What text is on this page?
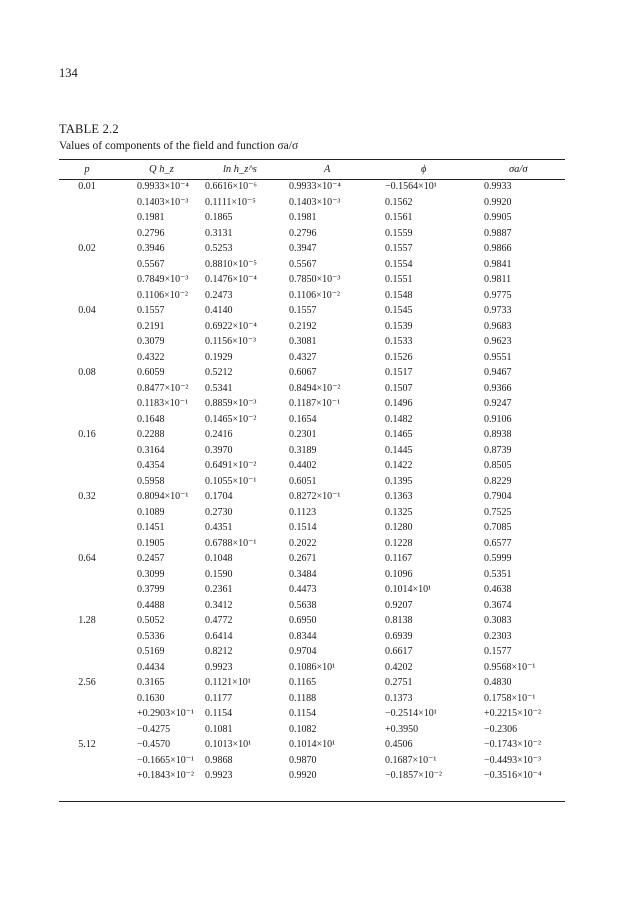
134
TABLE 2.2
Values of components of the field and function σa/σ
p	Q h_z	ln h_z^s	A	ϕ	σa/σ
0.01	0.9933×10⁻⁴	0.6616×10⁻⁶	0.9933×10⁻⁴	−0.1564×10¹	0.9933
	0.1403×10⁻³	0.1111×10⁻⁵	0.1403×10⁻³	0.1562	0.9920
	0.1981	0.1865	0.1981	0.1561	0.9905
	0.2796	0.3131	0.2796	0.1559	0.9887
0.02	0.3946	0.5253	0.3947	0.1557	0.9866
	0.5567	0.8810×10⁻⁵	0.5567	0.1554	0.9841
	0.7849×10⁻³	0.1476×10⁻⁴	0.7850×10⁻³	0.1551	0.9811
	0.1106×10⁻²	0.2473	0.1106×10⁻²	0.1548	0.9775
0.04	0.1557	0.4140	0.1557	0.1545	0.9733
	0.2191	0.6922×10⁻⁴	0.2192	0.1539	0.9683
	0.3079	0.1156×10⁻³	0.3081	0.1533	0.9623
	0.4322	0.1929	0.4327	0.1526	0.9551
0.08	0.6059	0.5212	0.6067	0.1517	0.9467
	0.8477×10⁻²	0.5341	0.8494×10⁻²	0.1507	0.9366
	0.1183×10⁻¹	0.8859×10⁻³	0.1187×10⁻¹	0.1496	0.9247
	0.1648	0.1465×10⁻²	0.1654	0.1482	0.9106
0.16	0.2288	0.2416	0.2301	0.1465	0.8938
	0.3164	0.3970	0.3189	0.1445	0.8739
	0.4354	0.6491×10⁻²	0.4402	0.1422	0.8505
	0.5958	0.1055×10⁻¹	0.6051	0.1395	0.8229
0.32	0.8094×10⁻¹	0.1704	0.8272×10⁻¹	0.1363	0.7904
	0.1089	0.2730	0.1123	0.1325	0.7525
	0.1451	0.4351	0.1514	0.1280	0.7085
	0.1905	0.6788×10⁻¹	0.2022	0.1228	0.6577
0.64	0.2457	0.1048	0.2671	0.1167	0.5999
	0.3099	0.1590	0.3484	0.1096	0.5351
	0.3799	0.2361	0.4473	0.1014×10¹	0.4638
	0.4488	0.3412	0.5638	0.9207	0.3674
1.28	0.5052	0.4772	0.6950	0.8138	0.3083
	0.5336	0.6414	0.8344	0.6939	0.2303
	0.5169	0.8212	0.9704	0.6617	0.1577
	0.4434	0.9923	0.1086×10¹	0.4202	0.9568×10⁻¹
2.56	0.3165	0.1121×10¹	0.1165	0.2751	0.4830
	0.1630	0.1177	0.1188	0.1373	0.1758×10⁻¹
	+0.2903×10⁻¹	0.1154	0.1154	−0.2514×10¹	+0.2215×10⁻²
	−0.4275	0.1081	0.1082	+0.3950	−0.2306
5.12	−0.4570	0.1013×10¹	0.1014×10¹	0.4506	−0.1743×10⁻²
	−0.1665×10⁻¹	0.9868	0.9870	0.1687×10⁻¹	−0.4493×10⁻³
	+0.1843×10⁻²	0.9923	0.9920	−0.1857×10⁻²	−0.3516×10⁻⁴
